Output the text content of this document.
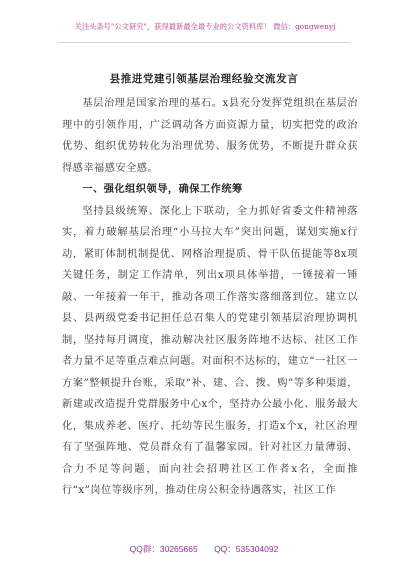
关注头条号"公文研究"，获得最新最全最专业的公文资料库！ 微信：gongwenyj
县推进党建引领基层治理经验交流发言

基层治理是国家治理的基石。x县充分发挥党组织在基层治理中的引领作用，广泛调动各方面资源力量，切实把党的政治优势、组织优势转化为治理优势、服务优势，不断提升群众获得感幸福感安全感。

一、强化组织领导，确保工作统筹

坚持县级统筹、深化上下联动，全力抓好省委文件精神落实，着力破解基层治理“小马拉大车”突出问题，谋划实施x行动，紧盯体制机制提优、网格治理提质、骨干队伍提能等8x项关键任务，制定工作清单，列出x项具体举措，一锤接着一锤敲、一年接着一年干，推动各项工作落实落细落到位。建立以县、县两级党委书记担任总召集人的党建引领基层治理协调机制，坚持每月调度，推动解决社区服务阵地不达标、社区工作者力量不足等重点难点问题。对面积不达标的，建立“一社区一方案”整顿提升台账，采取“补、建、合、拨、购”等多种渠道，新建或改造提升党群服务中心x个，坚持办公最小化、服务最大化，集成养老、医疗、托幼等民生服务，打造x个x，社区治理有了坚强阵地、党员群众有了温馨家园。针对社区力量薄弱、合力不足等问题，面向社会招聘社区工作者x名，全面推行“x”岗位等级序列，推动住房公积金待遇落实，社区工作

QQ群：30265665 QQ：535304092
